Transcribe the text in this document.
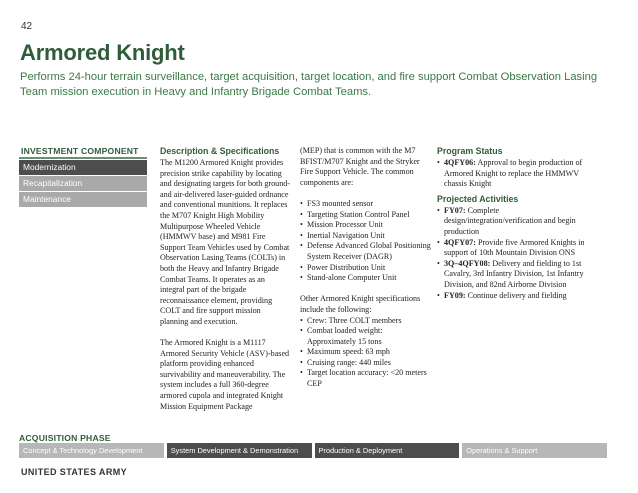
42
Armored Knight
Performs 24-hour terrain surveillance, target acquisition, target location, and fire support Combat Observation Lasing Team mission execution in Heavy and Infantry Brigade Combat Teams.
INVESTMENT COMPONENT
Modernization
Recapitalization
Maintenance
Description & Specifications

The M1200 Armored Knight provides precision strike capability by locating and designating targets for both ground- and air-delivered laser-guided ordnance and conventional munitions. It replaces the M707 Knight High Mobility Multipurpose Wheeled Vehicle (HMMWV base) and M981 Fire Support Team Vehicles used by Combat Observation Lasing Teams (COLTs) in both the Heavy and Infantry Brigade Combat Teams. It operates as an integral part of the brigade reconnaissance element, providing COLT and fire support mission planning and execution.

The Armored Knight is a M1117 Armored Security Vehicle (ASV)-based platform providing enhanced survivability and maneuverability. The system includes a full 360-degree armored cupola and integrated Knight Mission Equipment Package

(MEP) that is common with the M7 BFIST/M707 Knight and the Stryker Fire Support Vehicle. The common components are:

• FS3 mounted sensor
• Targeting Station Control Panel
• Mission Processor Unit
• Inertial Navigation Unit
• Defense Advanced Global Positioning System Receiver (DAGR)
• Power Distribution Unit
• Stand-alone Computer Unit

Other Armored Knight specifications include the following:

• Crew: Three COLT members
• Combat loaded weight: Approximately 15 tons
• Maximum speed: 63 mph
• Cruising range: 440 miles
• Target location accuracy: <20 meters CEP
Program Status
• 4QFY06: Approval to begin production of Armored Knight to replace the HMMWV chassis Knight
Projected Activities
• FY07: Complete design/integration/verification and begin production
• 4QFY07: Provide five Armored Knights in support of 10th Mountain Division ONS
• 3Q–4QFY08: Delivery and fielding to 1st Cavalry, 3rd Infantry Division, 1st Infantry Division, and 82nd Airborne Division
• FY09: Continue delivery and fielding
ACQUISITION PHASE
Concept & Technology Development	System Development & Demonstration	Production & Deployment	Operations & Support
UNITED STATES ARMY
